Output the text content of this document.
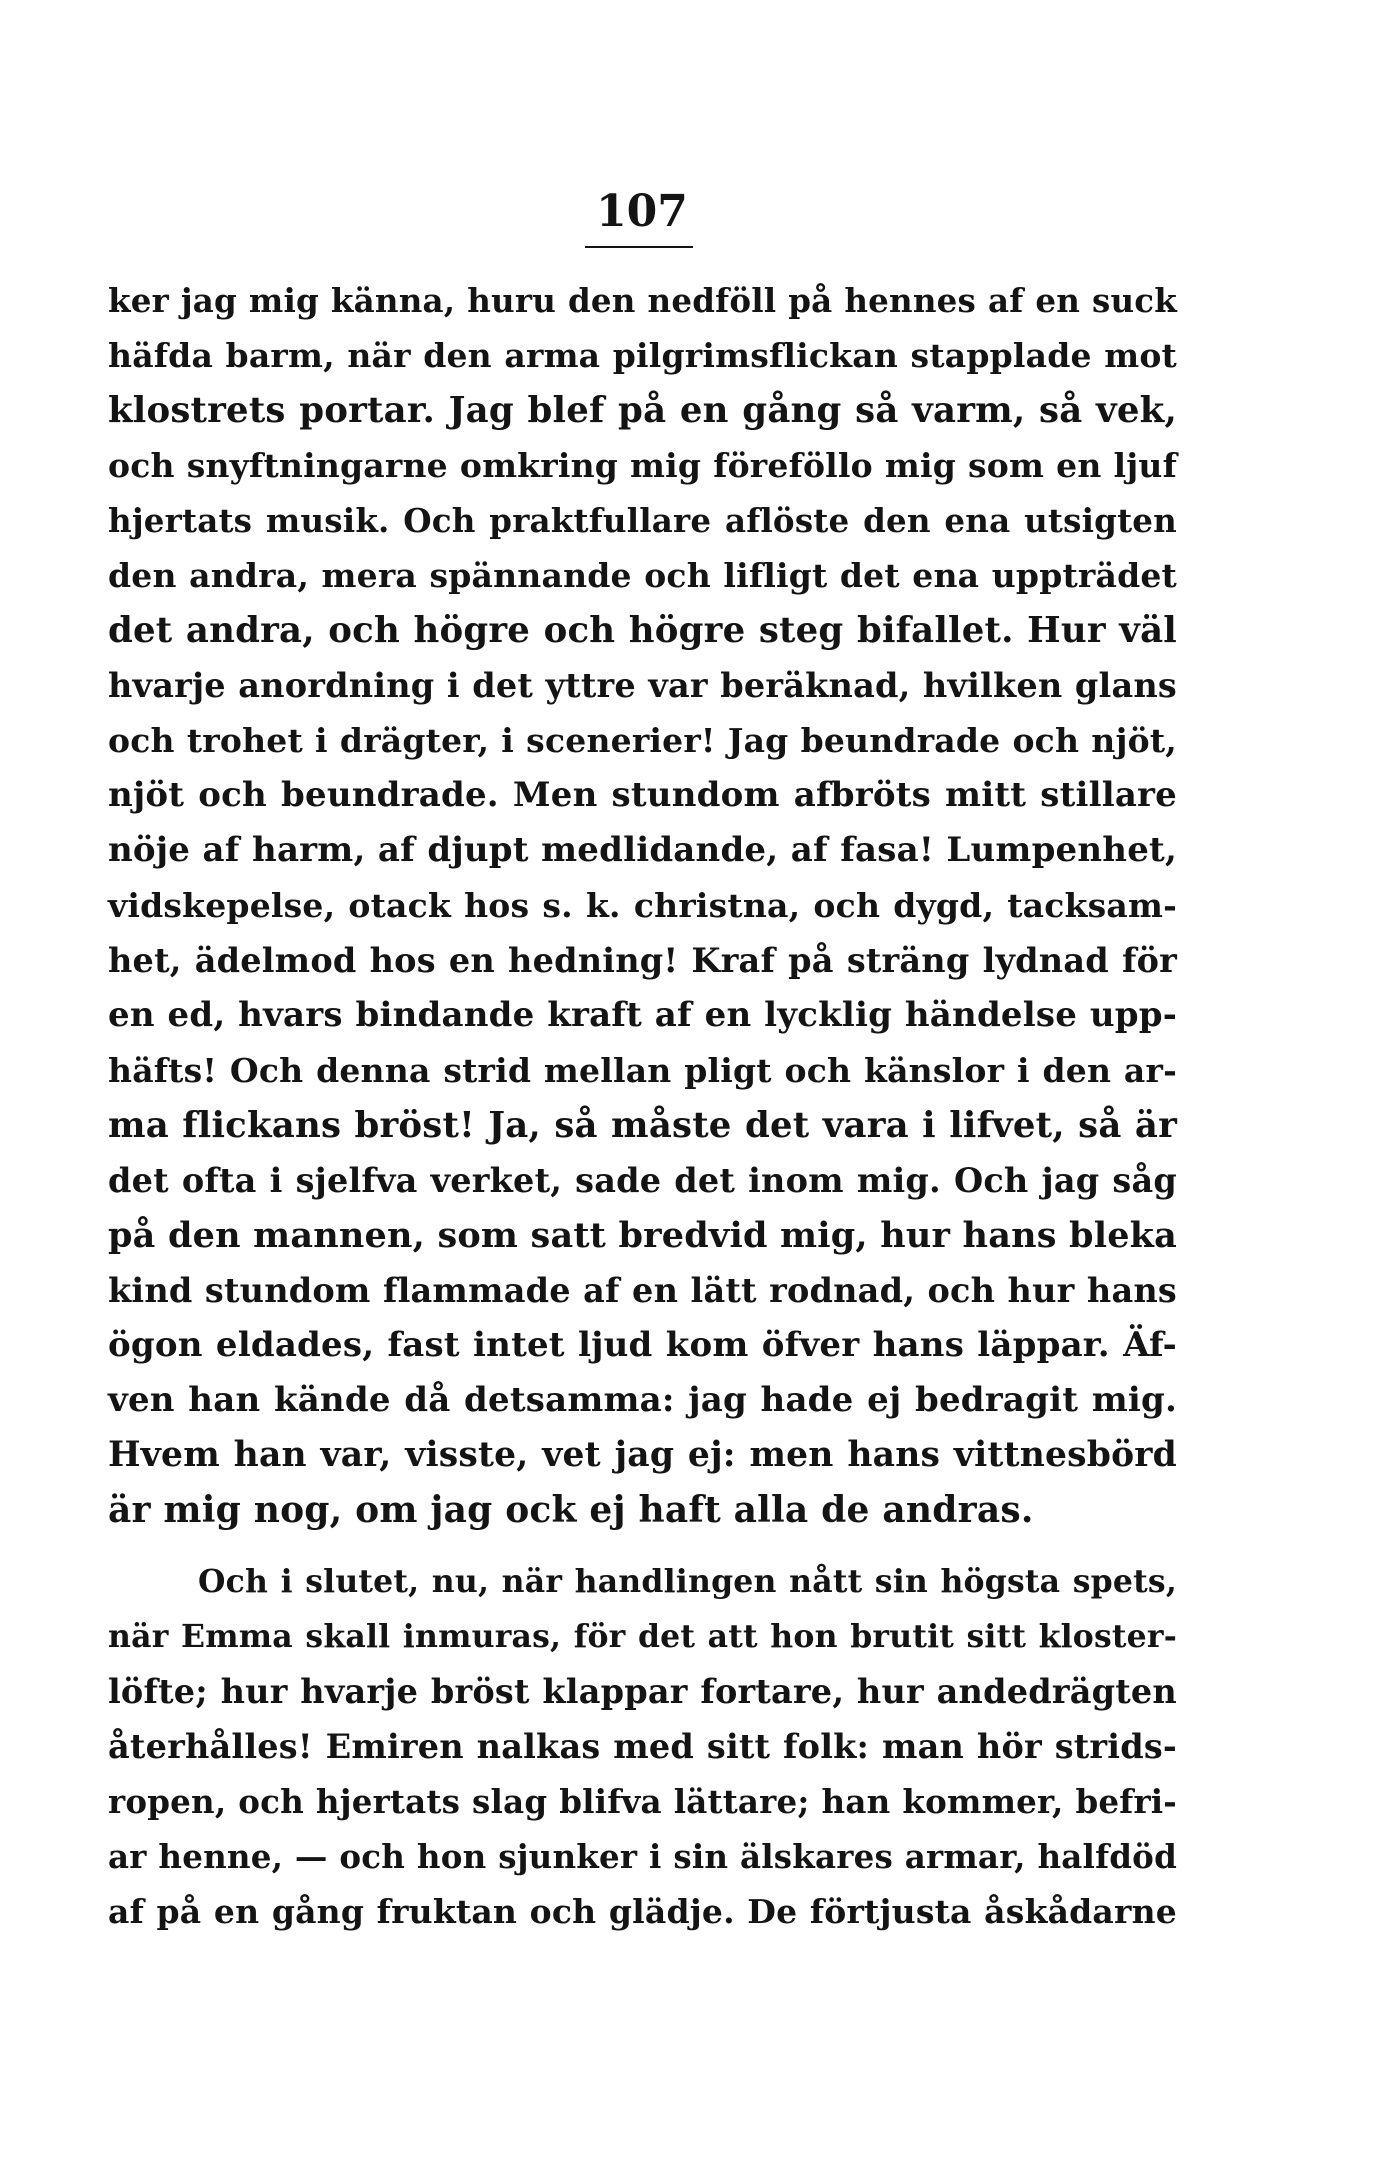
107
ker jag mig känna, huru den nedföll på hennes af en suck
häfda barm, när den arma pilgrimsflickan stapplade mot
klostrets portar. Jag blef på en gång så varm, så vek,
och snyftningarne omkring mig föreföllo mig som en ljuf
hjertats musik. Och praktfullare aflöste den ena utsigten
den andra, mera spännande och lifligt det ena uppträdet
det andra, och högre och högre steg bifallet. Hur väl
hvarje anordning i det yttre var beräknad, hvilken glans
och trohet i drägter, i scenerier! Jag beundrade och njöt,
njöt och beundrade. Men stundom afbröts mitt stillare
nöje af harm, af djupt medlidande, af fasa! Lumpenhet,
vidskepelse, otack hos s. k. christna, och dygd, tacksam-
het, ädelmod hos en hedning! Kraf på sträng lydnad för
en ed, hvars bindande kraft af en lycklig händelse upp-
häfts! Och denna strid mellan pligt och känslor i den ar-
ma flickans bröst! Ja, så måste det vara i lifvet, så är
det ofta i sjelfva verket, sade det inom mig. Och jag såg
på den mannen, som satt bredvid mig, hur hans bleka
kind stundom flammade af en lätt rodnad, och hur hans
ögon eldades, fast intet ljud kom öfver hans läppar. Äf-
ven han kände då detsamma: jag hade ej bedragit mig.
Hvem han var, visste, vet jag ej: men hans vittnesbörd
är mig nog, om jag ock ej haft alla de andras.
Och i slutet, nu, när handlingen nått sin högsta spets,
när Emma skall inmuras, för det att hon brutit sitt kloster-
löfte; hur hvarje bröst klappar fortare, hur andedrägten
återhålles! Emiren nalkas med sitt folk: man hör strids-
ropen, och hjertats slag blifva lättare; han kommer, befri-
ar henne, — och hon sjunker i sin älskares armar, halfdöd
af på en gång fruktan och glädje. De förtjusta åskådarne
